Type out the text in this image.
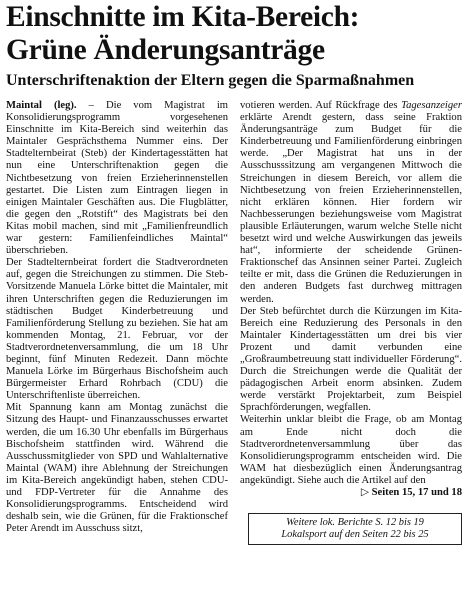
Einschnitte im Kita-Bereich:
Grüne Änderungsanträge
Unterschriftenaktion der Eltern gegen die Sparmaßnahmen

Maintal (leg). – Die vom Magistrat im Konsolidierungsprogramm vorgesehenen Einschnitte im Kita-Bereich sind weiterhin das Maintaler Gesprächsthema Nummer eins. Der Stadtelternbeirat (Steb) der Kindertagesstätten hat nun eine Unterschriftenaktion gegen die Nichtbesetzung von freien Erzieherinnenstellen gestartet. Die Listen zum Eintragen liegen in einigen Maintaler Geschäften aus. Die Flugblätter, die gegen den „Rotstift“ des Magistrats bei den Kitas mobil machen, sind mit „Familienfreundlich war gestern: Familienfeindliches Maintal“ überschrieben.

Der Stadtelternbeirat fordert die Stadtverordneten auf, gegen die Streichungen zu stimmen. Die Steb-Vorsitzende Manuela Lörke bittet die Maintaler, mit ihren Unterschriften gegen die Reduzierungen im städtischen Budget Kinderbetreuung und Familienförderung Stellung zu beziehen. Sie hat am kommenden Montag, 21. Februar, vor der Stadtverordnetenversammlung, die um 18 Uhr beginnt, fünf Minuten Redezeit. Dann möchte Manuela Lörke im Bürgerhaus Bischofsheim auch Bürgermeister Erhard Rohrbach (CDU) die Unterschriftenliste überreichen.

Mit Spannung kann am Montag zunächst die Sitzung des Haupt- und Finanzausschusses erwartet werden, die um 16.30 Uhr ebenfalls im Bürgerhaus Bischofsheim stattfinden wird. Während die Ausschussmitglieder von SPD und Wahlalternative Maintal (WAM) ihre Ablehnung der Streichungen im Kita-Bereich angekündigt haben, stehen CDU- und FDP-Vertreter für die Annahme des Konsolidierungsprogramms. Entscheidend wird deshalb sein, wie die Grünen, für die Fraktionschef Peter Arendt im Ausschuss sitzt,

votieren werden. Auf Rückfrage des Tagesanzeiger erklärte Arendt gestern, dass seine Fraktion Änderungsanträge zum Budget für die Kinderbetreuung und Familienförderung einbringen werde. „Der Magistrat hat uns in der Ausschusssitzung am vergangenen Mittwoch die Streichungen in diesem Bereich, vor allem die Nichtbesetzung von freien Erzieherinnenstellen, nicht erklären können. Hier fordern wir Nachbesserungen beziehungsweise vom Magistrat plausible Erläuterungen, warum welche Stelle nicht besetzt wird und welche Auswirkungen das jeweils hat“, informierte der scheidende Grünen-Fraktionschef das Ansinnen seiner Partei. Zugleich teilte er mit, dass die Grünen die Reduzierungen in den anderen Budgets fast durchweg mittragen werden.

Der Steb befürchtet durch die Kürzungen im Kita-Bereich eine Reduzierung des Personals in den Maintaler Kindertagesstätten um drei bis vier Prozent und damit verbunden eine „Großraumbetreuung statt individueller Förderung“. Durch die Streichungen werde die Qualität der pädagogischen Arbeit enorm absinken. Zudem werde verstärkt Projektarbeit, zum Beispiel Sprachförderungen, wegfallen.

Weiterhin unklar bleibt die Frage, ob am Montag am Ende nicht doch die Stadtverordnetenversammlung über das Konsolidierungsprogramm entscheiden wird. Die WAM hat diesbezüglich einen Änderungsantrag angekündigt. Siehe auch die Artikel auf den

▷ Seiten 15, 17 und 18
Weitere lok. Berichte S. 12 bis 19
Lokalsport auf den Seiten 22 bis 25
